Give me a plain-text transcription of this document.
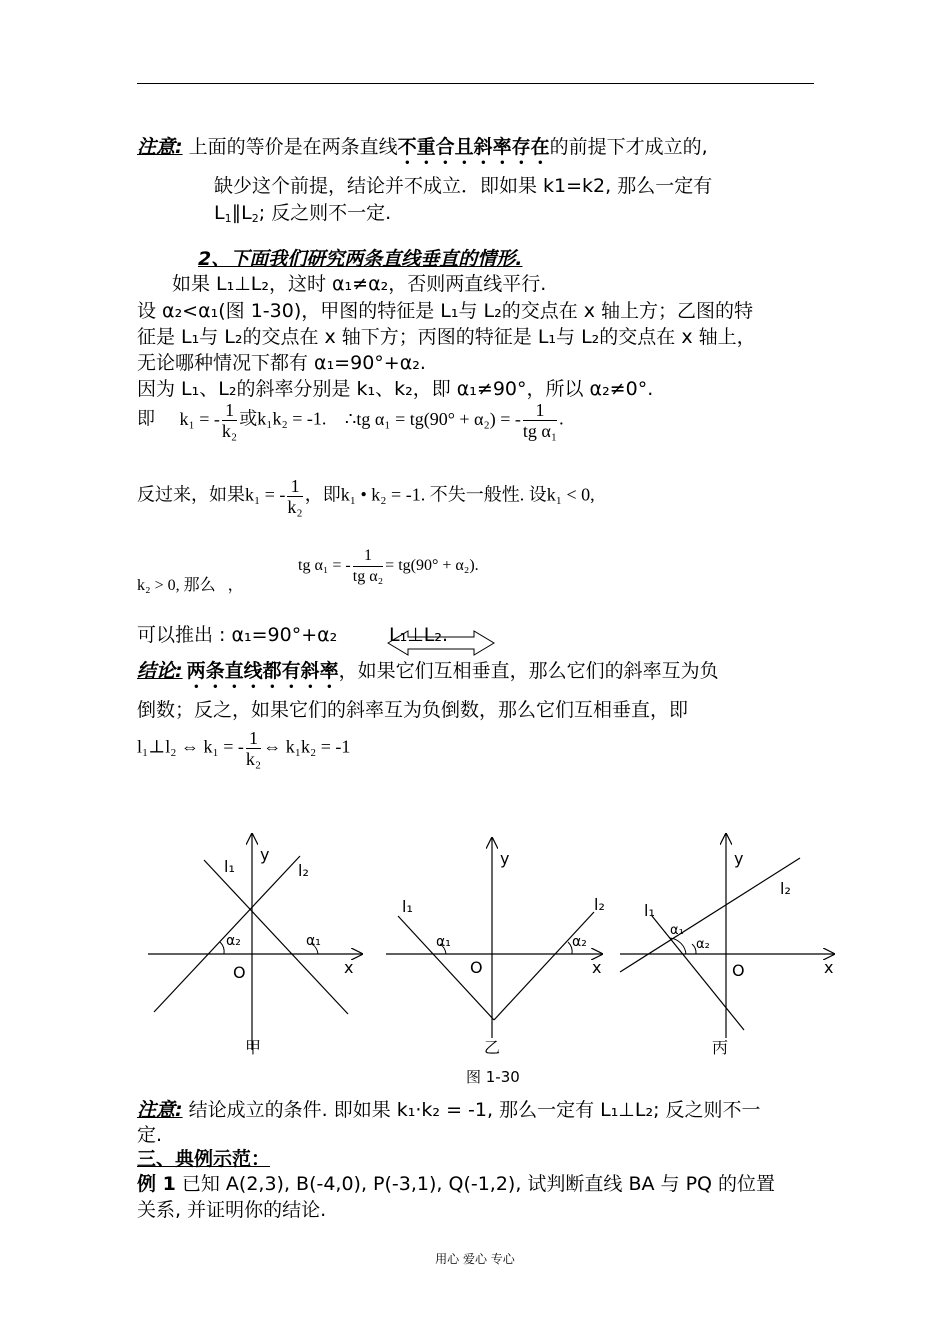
注意: 上面的等价是在两条直线不重合且斜率存在的前提下才成立的,
缺少这个前提，结论并不成立．即如果 k1=k2, 那么一定有
$L_1\parallel L_2$; 反之则不一定.
2、下面我们研究两条直线垂直的情形.
如果 L₁⊥L₂，这时 α₁≠α₂，否则两直线平行.
设 α₂<α₁(图 1-30)，甲图的特征是 L₁与 L₂的交点在 x 轴上方；乙图的特
征是 L₁与 L₂的交点在 x 轴下方；丙图的特征是 L₁与 L₂的交点在 x 轴上，
无论哪种情况下都有 α₁=90°+α₂.
因为 L₁、L₂的斜率分别是 k₁、k₂，即 α₁≠90°，所以 α₂≠0°.
即 k₁ = - $\frac{1}{\text{k₂}}$ 或k₁k₂ = -1. ∴tg α₁ = tg(90° + α₂) = - $\frac{1}{\text{tg α₁}}$ .
反过来，如果k₁ = - $\frac{1}{\text{k₂}}$ ，即k₁ • k₂ = -1. 不失一般性. 设k₁ < 0,
k₂ > 0, 那么 ，
tg α₁ = - $\frac{1}{\text{tg α₂}} = tg(90^\circ + \alpha_2)$.
可以推出 : α₁=90°+α₂	L₁⊥L₂.
结论: 两条直线都有斜率，如果它们互相垂直，那么它们的斜率互为负
倒数；反之，如果它们的斜率互为负倒数，那么它们互相垂直，即
l₁⊥l₂ ⇔ k₁ = - $\frac{1}{\text{k₂}}$ ⇔ k₁k₂ = -1
y
l₁	l₂
α₂	α₁
O	x
甲
y
l₁	l₂
α₁	α₂
O	x
乙
y
l₁
l₂
α₁
α₂
O	x
丙
图 1-30
注意: 结论成立的条件. 即如果 k₁·k₂ = -1, 那么一定有 L₁⊥L₂; 反之则不一
定.
三、典例示范：
例 1 已知 A(2,3), B(-4,0), P(-3,1), Q(-1,2), 试判断直线 BA 与 PQ 的位置
关系, 并证明你的结论.
用心 爱心 专心
